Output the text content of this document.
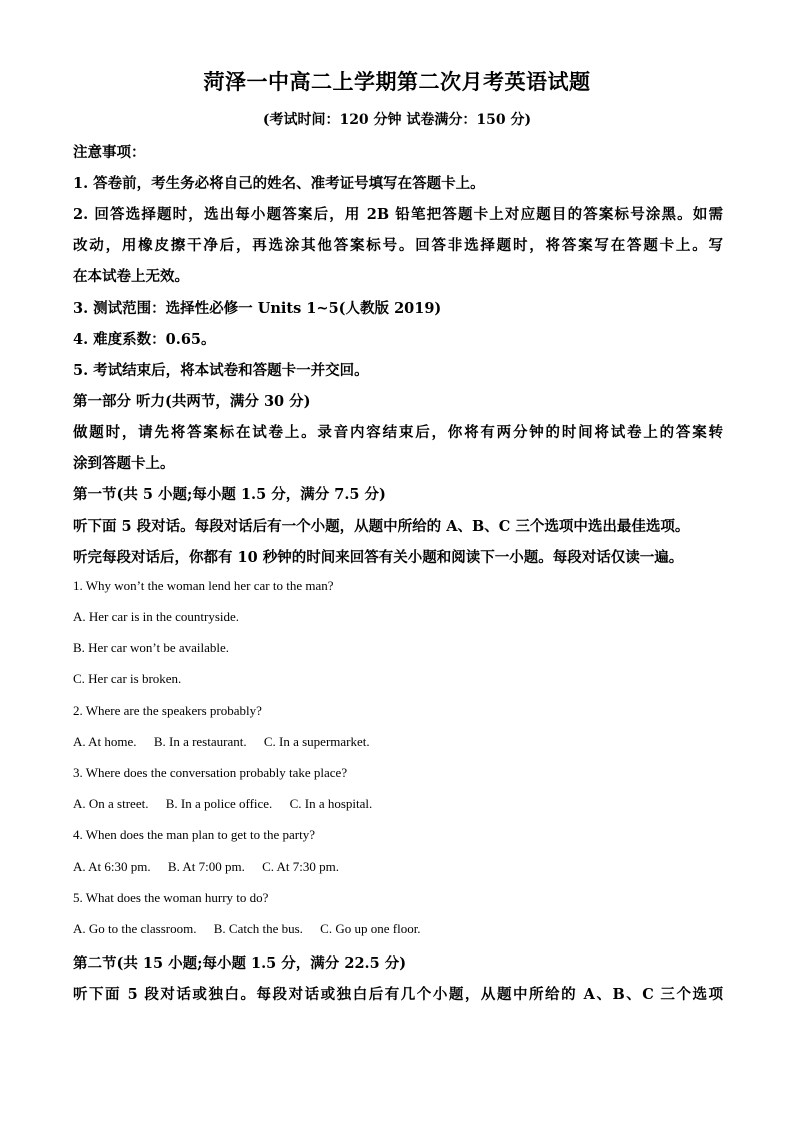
菏泽一中高二上学期第二次月考英语试题
(考试时间：120 分钟 试卷满分：150 分)
注意事项：
1. 答卷前，考生务必将自己的姓名、准考证号填写在答题卡上。
2. 回答选择题时，选出每小题答案后，用 2B 铅笔把答题卡上对应题目的答案标号涂黑。如需
改动，用橡皮擦干净后，再选涂其他答案标号。回答非选择题时，将答案写在答题卡上。写
在本试卷上无效。
3. 测试范围：选择性必修一 Units 1~5(人教版 2019)
4. 难度系数：0.65。
5. 考试结束后，将本试卷和答题卡一并交回。
第一部分 听力(共两节，满分 30 分)
做题时，请先将答案标在试卷上。录音内容结束后，你将有两分钟的时间将试卷上的答案转
涂到答题卡上。
第一节(共 5 小题;每小题 1.5 分，满分 7.5 分)
听下面 5 段对话。每段对话后有一个小题，从题中所给的 A、B、C 三个选项中选出最佳选项。
听完每段对话后，你都有 10 秒钟的时间来回答有关小题和阅读下一小题。每段对话仅读一遍。
1. Why won’t the woman lend her car to the man?
A. Her car is in the countryside.
B. Her car won’t be available.
C. Her car is broken.
2. Where are the speakers probably?
A. At home. B. In a restaurant. C. In a supermarket.
3. Where does the conversation probably take place?
A. On a street. B. In a police office. C. In a hospital.
4. When does the man plan to get to the party?
A. At 6:30 pm. B. At 7:00 pm. C. At 7:30 pm.
5. What does the woman hurry to do?
A. Go to the classroom. B. Catch the bus. C. Go up one floor.
第二节(共 15 小题;每小题 1.5 分，满分 22.5 分)
听下面 5 段对话或独白。每段对话或独白后有几个小题，从题中所给的 A、B、C 三个选项
